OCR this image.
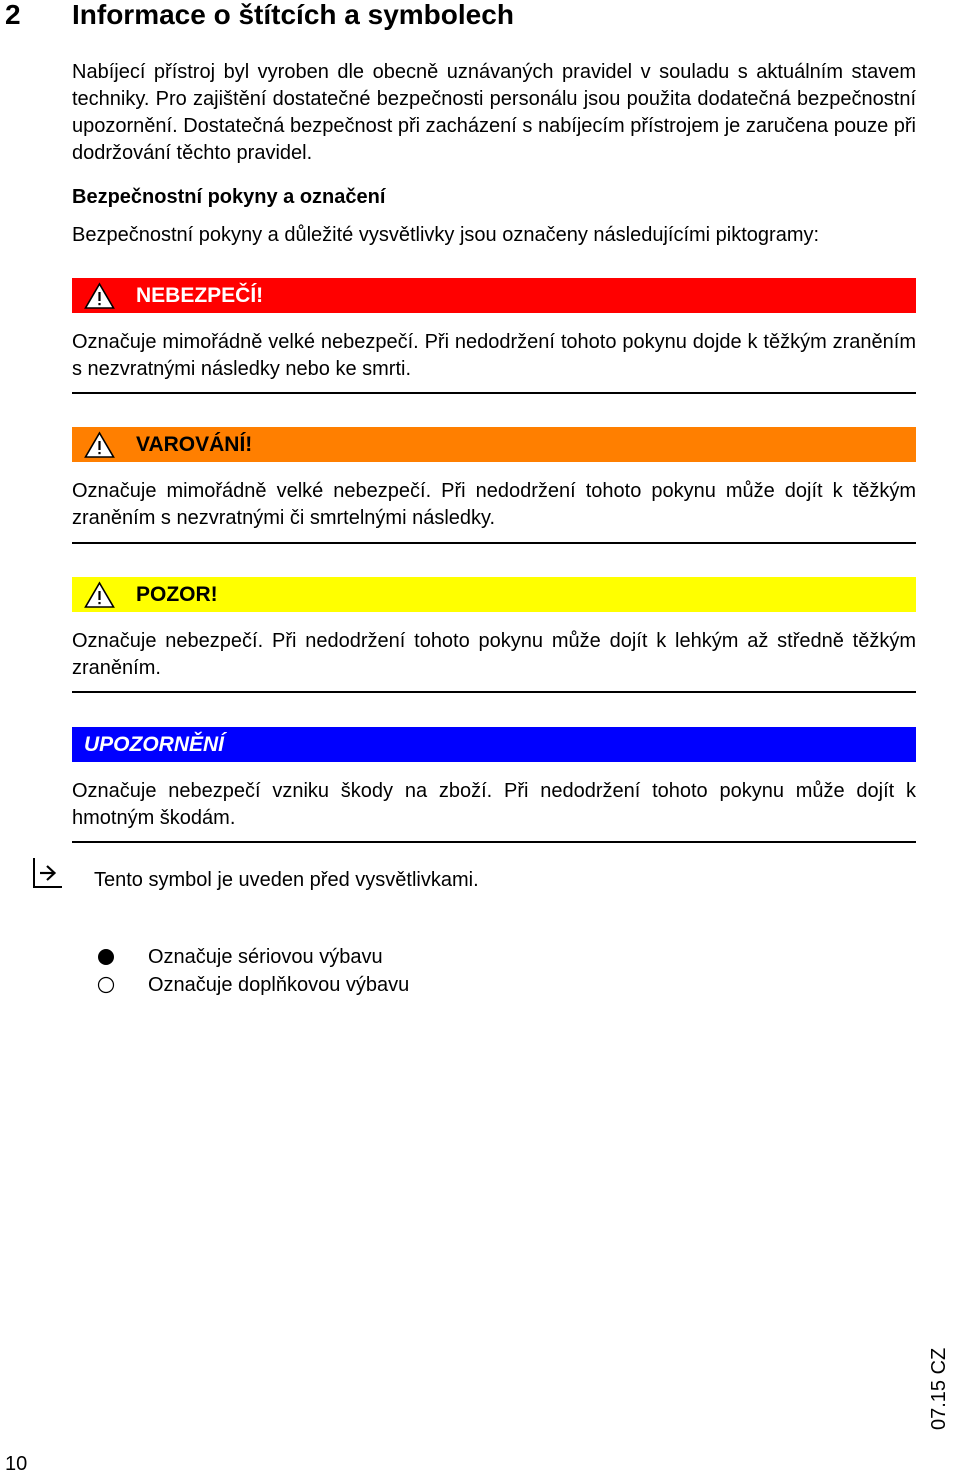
2 Informace o štítcích a symbolech
Nabíjecí přístroj byl vyroben dle obecně uznávaných pravidel v souladu s aktuálním stavem techniky. Pro zajištění dostatečné bezpečnosti personálu jsou použita dodatečná bezpečnostní upozornění. Dostatečná bezpečnost při zacházení s nabíjecím přístrojem je zaručena pouze při dodržování těchto pravidel.
Bezpečnostní pokyny a označení
Bezpečnostní pokyny a důležité vysvětlivky jsou označeny následujícími piktogramy:
NEBEZPEČÍ!
Označuje mimořádně velké nebezpečí. Při nedodržení tohoto pokynu dojde k těžkým zraněním s nezvratnými následky nebo ke smrti.
VAROVÁNÍ!
Označuje mimořádně velké nebezpečí. Při nedodržení tohoto pokynu může dojít k těžkým zraněním s nezvratnými či smrtelnými následky.
POZOR!
Označuje nebezpečí. Při nedodržení tohoto pokynu může dojít k lehkým až středně těžkým zraněním.
UPOZORNĚNÍ
Označuje nebezpečí vzniku škody na zboží. Při nedodržení tohoto pokynu může dojít k hmotným škodám.
Tento symbol je uveden před vysvětlivkami.
Označuje sériovou výbavu
Označuje doplňkovou výbavu
10
07.15 CZ
